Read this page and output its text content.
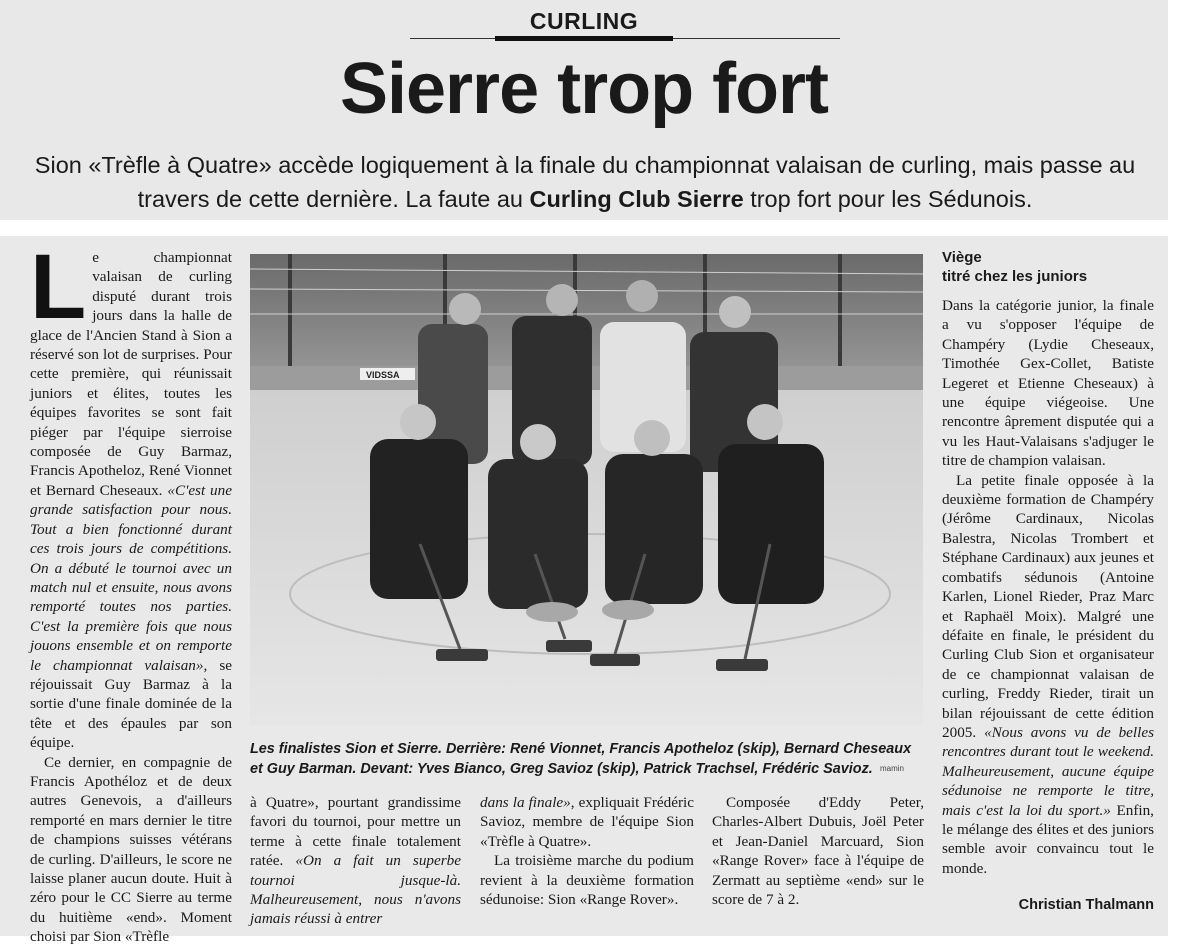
CURLING
Sierre trop fort
Sion «Trèfle à Quatre» accède logiquement à la finale du championnat valaisan de curling, mais passe au travers de cette dernière. La faute au Curling Club Sierre trop fort pour les Sédunois.

Le championnat valaisan de curling disputé durant trois jours dans la halle de glace de l'Ancien Stand à Sion a réservé son lot de surprises. Pour cette première, qui réunissait juniors et élites, toutes les équipes favorites se sont fait piéger par l'équipe sierroise composée de Guy Barmaz, Francis Apotheloz, René Vionnet et Bernard Cheseaux. «C'est une grande satisfaction pour nous. Tout a bien fonctionné durant ces trois jours de compétitions. On a débuté le tournoi avec un match nul et ensuite, nous avons remporté toutes nos parties. C'est la première fois que nous jouons ensemble et on remporte le championnat valaisan», se réjouissait Guy Barmaz à la sortie d'une finale dominée de la tête et des épaules par son équipe.

Ce dernier, en compagnie de Francis Apothéloz et de deux autres Genevois, a d'ailleurs remporté en mars dernier le titre de champions suisses vétérans de curling. D'ailleurs, le score ne laisse planer aucun doute. Huit à zéro pour le CC Sierre au terme du huitième «end». Moment choisi par Sion «Trèfle

VIDSSA
Les finalistes Sion et Sierre. Derrière: René Vionnet, Francis Apotheloz (skip), Bernard Cheseaux et Guy Barman. Devant: Yves Bianco, Greg Savioz (skip), Patrick Trachsel, Frédéric Savioz. mamin

à Quatre», pourtant grandissime favori du tournoi, pour mettre un terme à cette finale totalement ratée. «On a fait un superbe tournoi jusque-là. Malheureusement, nous n'avons jamais réussi à entrer

dans la finale», expliquait Frédéric Savioz, membre de l'équipe Sion «Trèfle à Quatre».

La troisième marche du podium revient à la deuxième formation sédunoise: Sion «Range Rover».

Composée d'Eddy Peter, Charles-Albert Dubuis, Joël Peter et Jean-Daniel Marcuard, Sion «Range Rover» face à l'équipe de Zermatt au septième «end» sur le score de 7 à 2.

Viège
titré chez les juniors

Dans la catégorie junior, la finale a vu s'opposer l'équipe de Champéry (Lydie Cheseaux, Timothée Gex-Collet, Batiste Legeret et Etienne Cheseaux) à une équipe viégeoise. Une rencontre âprement disputée qui a vu les Haut-Valaisans s'adjuger le titre de champion valaisan.

La petite finale opposée à la deuxième formation de Champéry (Jérôme Cardinaux, Nicolas Balestra, Nicolas Trombert et Stéphane Cardinaux) aux jeunes et combatifs sédunois (Antoine Karlen, Lionel Rieder, Praz Marc et Raphaël Moix). Malgré une défaite en finale, le président du Curling Club Sion et organisateur de ce championnat valaisan de curling, Freddy Rieder, tirait un bilan réjouissant de cette édition 2005. «Nous avons vu de belles rencontres durant tout le weekend. Malheureusement, aucune équipe sédunoise ne remporte le titre, mais c'est la loi du sport.» Enfin, le mélange des élites et des juniors semble avoir convaincu tout le monde.

Christian Thalmann
